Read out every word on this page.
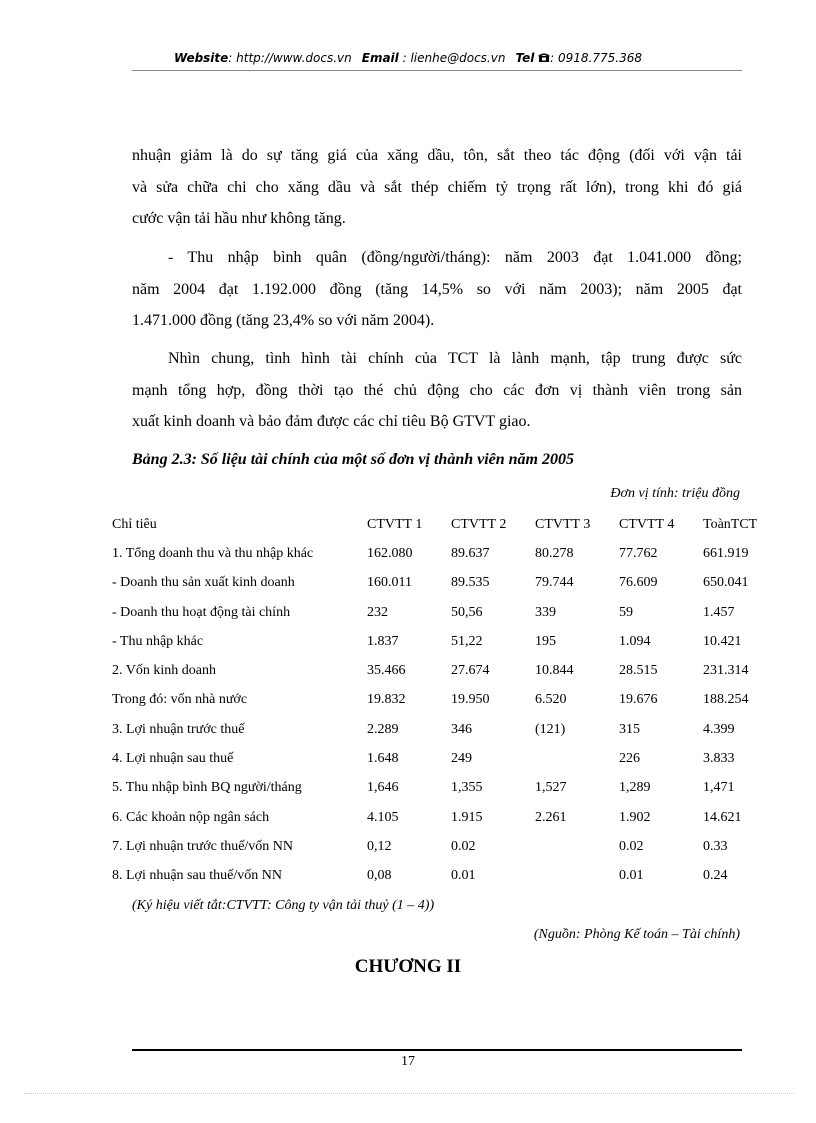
Website: http://www.docs.vn Email : lienhe@docs.vn Tel : 0918.775.368
nhuận giảm là do sự tăng giá của xăng dầu, tôn, sắt theo tác động (đối với vận tải
và sửa chữa chi cho xăng dầu và sắt thép chiếm tỷ trọng rất lớn), trong khi đó giá
cước vận tải hầu như không tăng.
- Thu nhập bình quân (đồng/người/tháng): năm 2003 đạt 1.041.000 đồng;
năm 2004 đạt 1.192.000 đồng (tăng 14,5% so với năm 2003); năm 2005 đạt
1.471.000 đồng (tăng 23,4% so với năm 2004).
Nhìn chung, tình hình tài chính của TCT là lành mạnh, tập trung được sức
mạnh tổng hợp, đồng thời tạo thé chủ động cho các đơn vị thành viên trong sản
xuất kinh doanh và bảo đảm được các chỉ tiêu Bộ GTVT giao.
Bảng 2.3: Số liệu tài chính của một số đơn vị thành viên năm 2005
Đơn vị tính: triệu đồng
Chỉ tiêu	CTVTT 1	CTVTT 2	CTVTT 3	CTVTT 4	ToànTCT
1. Tổng doanh thu và thu nhập khác	162.080	89.637	80.278	77.762	661.919
- Doanh thu sản xuất kinh doanh	160.011	89.535	79.744	76.609	650.041
- Doanh thu hoạt động tài chính	232	50,56	339	59	1.457
- Thu nhập khác	1.837	51,22	195	1.094	10.421
2. Vốn kinh doanh	35.466	27.674	10.844	28.515	231.314
Trong đó: vốn nhà nước	19.832	19.950	6.520	19.676	188.254
3. Lợi nhuận trước thuế	2.289	346	(121)	315	4.399
4. Lợi nhuận sau thuế	1.648	249		226	3.833
5. Thu nhập bình BQ người/tháng	1,646	1,355	1,527	1,289	1,471
6. Các khoản nộp ngân sách	4.105	1.915	2.261	1.902	14.621
7. Lợi nhuận trước thuế/vốn NN	0,12	0.02		0.02	0.33
8. Lợi nhuận sau thuế/vốn NN	0,08	0.01		0.01	0.24
(Ký hiệu viết tắt:CTVTT: Công ty vận tải thuỷ (1 – 4))
(Nguồn: Phòng Kế toán – Tài chính)
CHƯƠNG II
17
